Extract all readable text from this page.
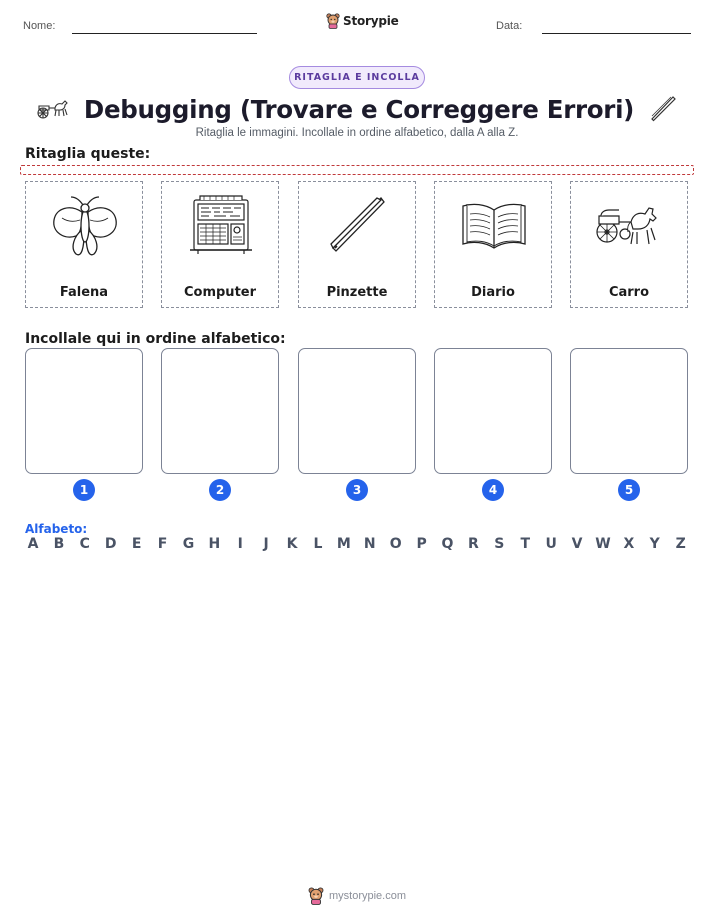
Nome:	Storypie	Data:
RITAGLIA E INCOLLA
Debugging (Trovare e Correggere Errori)
Ritaglia le immagini. Incollale in ordine alfabetico, dalla A alla Z.
Ritaglia queste:
Falena	Computer	Pinzette	Diario	Carro
Incollale qui in ordine alfabetico:
1	2	3	4	5
Alfabeto:
A B C D E F G H	I	J	K L M N O P Q R S T U V W X Y Z
mystorypie.com
